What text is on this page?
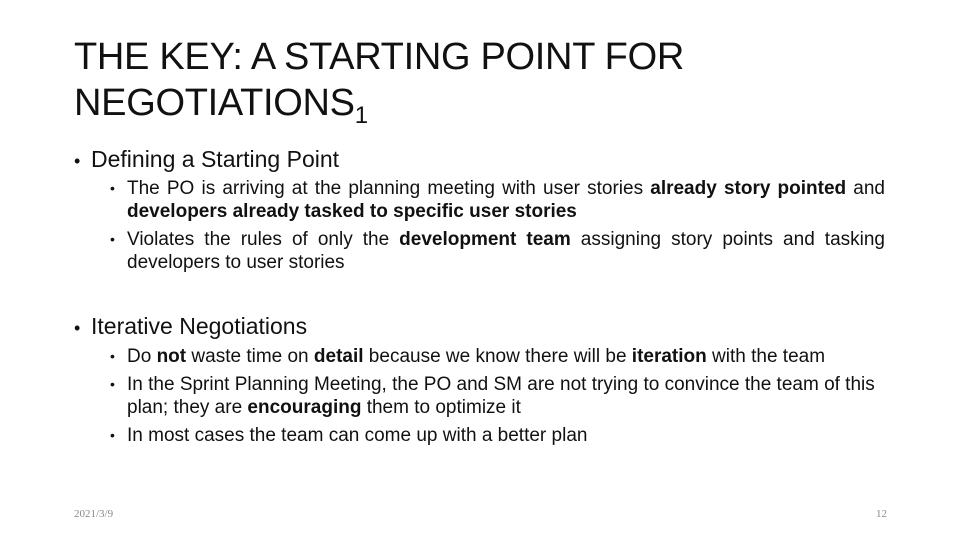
THE KEY: A STARTING POINT FOR $NEGOTIATIONS_1$
• Defining a Starting Point
• The PO is arriving at the planning meeting with user stories already story pointed and developers already tasked to specific user stories
• Violates the rules of only the development team assigning story points and tasking developers to user stories
• Iterative Negotiations
• Do not waste time on detail because we know there will be iteration with the team
• In the Sprint Planning Meeting, the PO and SM are not trying to convince the team of this plan; they are encouraging them to optimize it
• In most cases the team can come up with a better plan
2021/3/9	12
